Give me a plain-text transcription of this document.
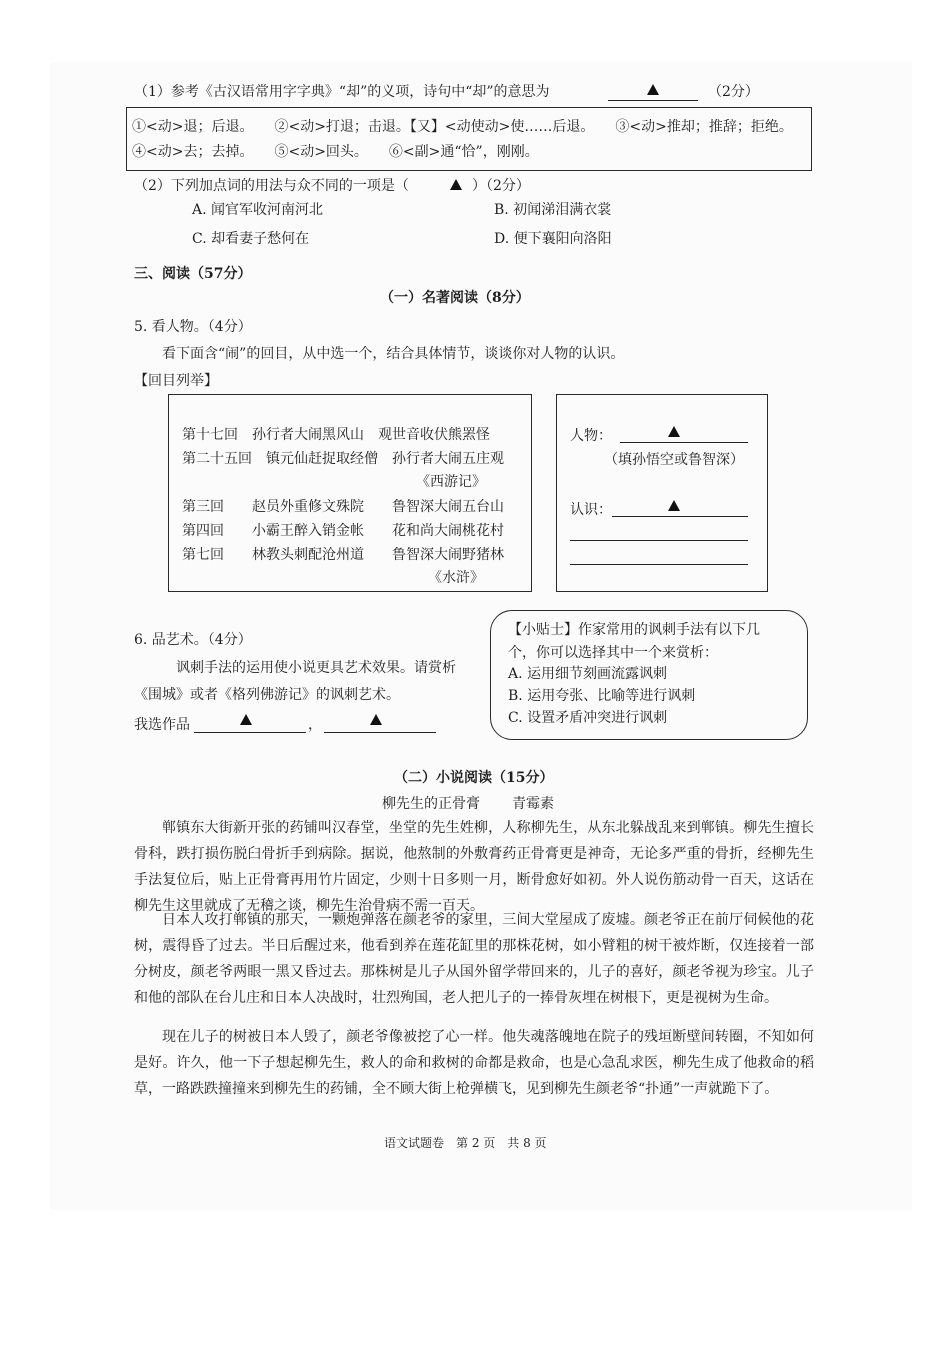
（1）参考《古汉语常用字字典》“却”的义项，诗句中“却”的意思为	（2分）
①<动>退；后退。　　②<动>打退；击退。【又】<动使动>使……后退。　　③<动>推却；推辞；拒绝。
④<动>去；去掉。　　⑤<动>回头。　　⑥<副>通“恰”，刚刚。
（2）下列加点词的用法与众不同的一项是（	）（2分）
A. 闻官军收河南河北	B. 初闻涕泪满衣裳
C. 却看妻子愁何在	D. 便下襄阳向洛阳
三、阅读（57分）
（一）名著阅读（8分）
5. 看人物。（4分）
看下面含“闹”的回目，从中选一个，结合具体情节，谈谈你对人物的认识。
【回目列举】
第十七回　孙行者大闹黑风山　观世音收伏熊罴怪
第二十五回　镇元仙赶捉取经僧　孙行者大闹五庄观
《西游记》
第三回　　赵员外重修文殊院　　鲁智深大闹五台山
第四回　　小霸王醉入销金帐　　花和尚大闹桃花村
第七回　　林教头刺配沧州道　　鲁智深大闹野猪林
《水浒》
人物：
（填孙悟空或鲁智深）
认识：
6. 品艺术。（4分）
讽刺手法的运用使小说更具艺术效果。请赏析
《围城》或者《格列佛游记》的讽刺艺术。
我选作品	，
【小贴士】作家常用的讽刺手法有以下几
个，你可以选择其中一个来赏析：
A. 运用细节刻画流露讽刺
B. 运用夸张、比喻等进行讽刺
C. 设置矛盾冲突进行讽刺
（二）小说阅读（15分）
柳先生的正骨膏 青霉素
郸镇东大街新开张的药铺叫汉春堂，坐堂的先生姓柳，人称柳先生，从东北躲战乱来到郸镇。柳先生擅长骨科，跌打损伤脱臼骨折手到病除。据说，他熬制的外敷膏药正骨膏更是神奇，无论多严重的骨折，经柳先生手法复位后，贴上正骨膏再用竹片固定，少则十日多则一月，断骨愈好如初。外人说伤筋动骨一百天，这话在柳先生这里就成了无稽之谈，柳先生治骨病不需一百天。
日本人攻打郸镇的那天，一颗炮弹落在颜老爷的家里，三间大堂屋成了废墟。颜老爷正在前厅伺候他的花树，震得昏了过去。半日后醒过来，他看到养在莲花缸里的那株花树，如小臂粗的树干被炸断，仅连接着一部分树皮，颜老爷两眼一黑又昏过去。那株树是儿子从国外留学带回来的，儿子的喜好，颜老爷视为珍宝。儿子和他的部队在台儿庄和日本人决战时，壮烈殉国，老人把儿子的一捧骨灰埋在树根下，更是视树为生命。
现在儿子的树被日本人毁了，颜老爷像被挖了心一样。他失魂落魄地在院子的残垣断壁间转圈，不知如何是好。许久，他一下子想起柳先生，救人的命和救树的命都是救命，也是心急乱求医，柳先生成了他救命的稻草，一路跌跌撞撞来到柳先生的药铺，全不顾大街上枪弹横飞，见到柳先生颜老爷“扑通”一声就跪下了。
语文试题卷　第 2 页　共 8 页
